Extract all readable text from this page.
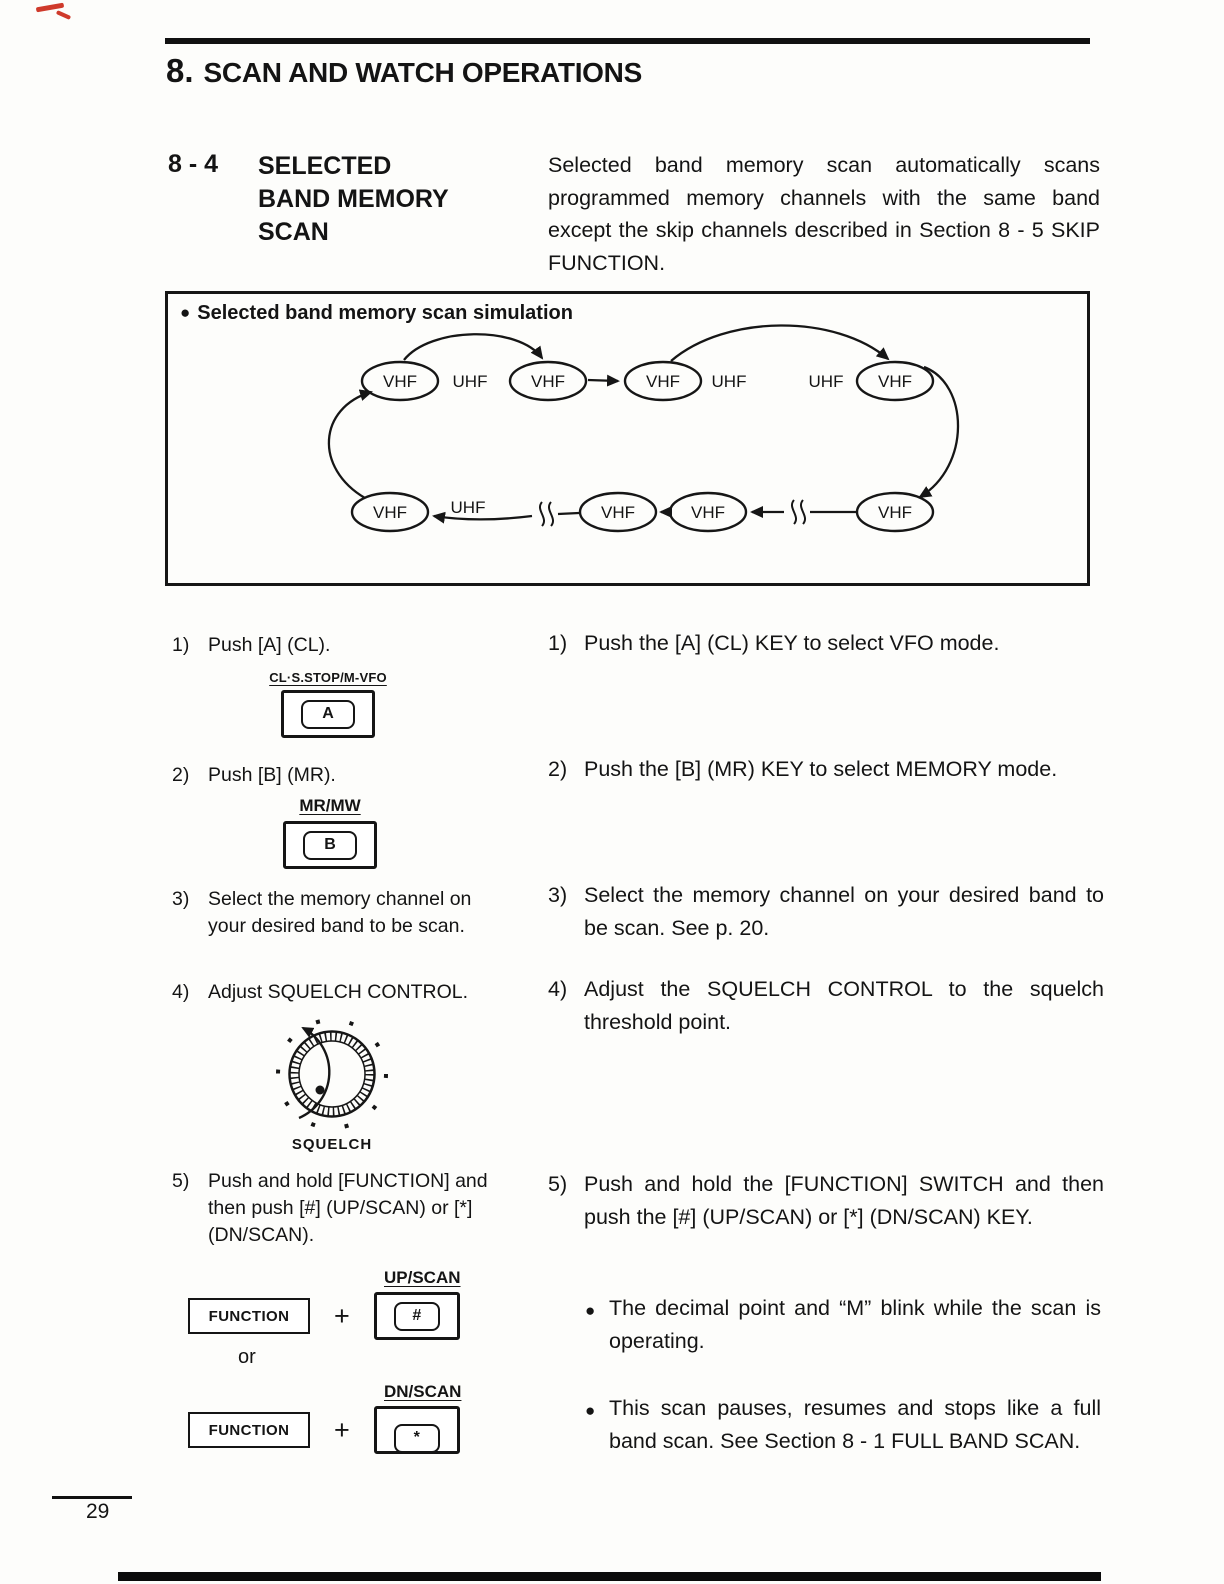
8. SCAN AND WATCH OPERATIONS
8 - 4 SELECTED
BAND MEMORY
SCAN
Selected band memory scan automatically scans programmed memory channels with the same band except the skip channels described in Section 8 - 5 SKIP FUNCTION.
● Selected band memory scan simulation
VHF UHF	VHF	VHF UHF	UHF VHF
VHF	UHF	VHF	VHF	VHF
1) Push [A] (CL).
CL·S.STOP/M-VFO
A
2) Push [B] (MR).
MR/MW
B
3) Select the memory channel on your desired band to be scan.
4) Adjust SQUELCH CONTROL.
SQUELCH
5) Push and hold [FUNCTION] and then push [#] (UP/SCAN) or [*] (DN/SCAN).
UP/SCAN
FUNCTION	+	#
or
DN/SCAN
FUNCTION	+	*
1) Push the [A] (CL) KEY to select VFO mode.
2) Push the [B] (MR) KEY to select MEMORY mode.
3) Select the memory channel on your desired band to be scan. See p. 20.
4) Adjust the SQUELCH CONTROL to the squelch threshold point.
5) Push and hold the [FUNCTION] SWITCH and then push the [#] (UP/SCAN) or [*] (DN/SCAN) KEY.
● The decimal point and “M” blink while the scan is operating.
● This scan pauses, resumes and stops like a full band scan. See Section 8 - 1 FULL BAND SCAN.
29
